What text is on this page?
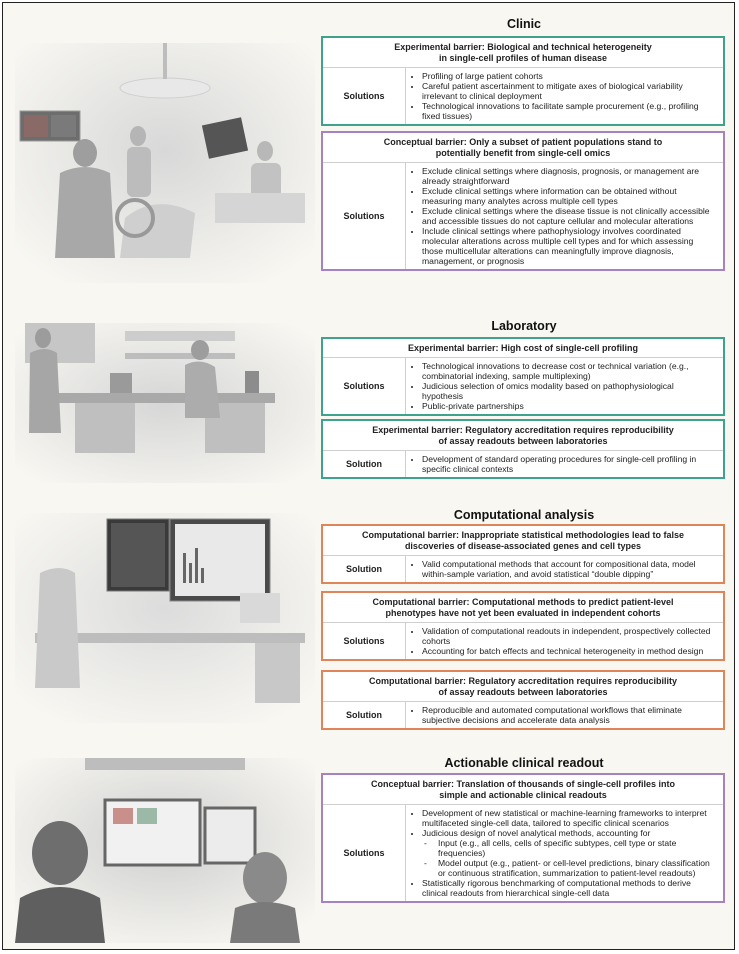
Clinic
Experimental barrier: Biological and technical heterogeneity
in single-cell profiles of human disease
Solutions
• Profiling of large patient cohorts
• Careful patient ascertainment to mitigate axes of biological variability irrelevant to clinical deployment
• Technological innovations to facilitate sample procurement (e.g., profiling fixed tissues)
Conceptual barrier: Only a subset of patient populations stand to
potentially benefit from single-cell omics
Solutions
• Exclude clinical settings where diagnosis, prognosis, or management are already straightforward
• Exclude clinical settings where information can be obtained without measuring many analytes across multiple cell types
• Exclude clinical settings where the disease tissue is not clinically accessible and accessible tissues do not capture cellular and molecular alterations
• Include clinical settings where pathophysiology involves coordinated molecular alterations across multiple cell types and for which assessing those multicellular alterations can meaningfully improve diagnosis, management, or prognosis
Laboratory
Experimental barrier: High cost of single-cell profiling
Solutions
• Technological innovations to decrease cost or technical variation (e.g., combinatorial indexing, sample multiplexing)
• Judicious selection of omics modality based on pathophysiological hypothesis
• Public-private partnerships
Experimental barrier: Regulatory accreditation requires reproducibility
of assay readouts between laboratories
Solution	• Development of standard operating procedures for single-cell profiling in specific clinical contexts
Computational analysis
Computational barrier: Inappropriate statistical methodologies lead to false
discoveries of disease-associated genes and cell types
Solution	• Valid computational methods that account for compositional data, model within-sample variation, and avoid statistical “double dipping”
Computational barrier: Computational methods to predict patient-level
phenotypes have not yet been evaluated in independent cohorts
Solutions
• Validation of computational readouts in independent, prospectively collected cohorts
• Accounting for batch effects and technical heterogeneity in method design
Computational barrier: Regulatory accreditation requires reproducibility
of assay readouts between laboratories
Solution	• Reproducible and automated computational workflows that eliminate subjective decisions and accelerate data analysis
Actionable clinical readout
Conceptual barrier: Translation of thousands of single-cell profiles into
simple and actionable clinical readouts
Solutions
• Development of new statistical or machine-learning frameworks to interpret multifaceted single-cell data, tailored to specific clinical scenarios
• Judicious design of novel analytical methods, accounting for
-	Input (e.g., all cells, cells of specific subtypes, cell type or state frequencies)
-	Model output (e.g., patient- or cell-level predictions, binary classification or continuous stratification, summarization to patient-level readouts)
• Statistically rigorous benchmarking of computational methods to derive clinical readouts from hierarchical single-cell data
